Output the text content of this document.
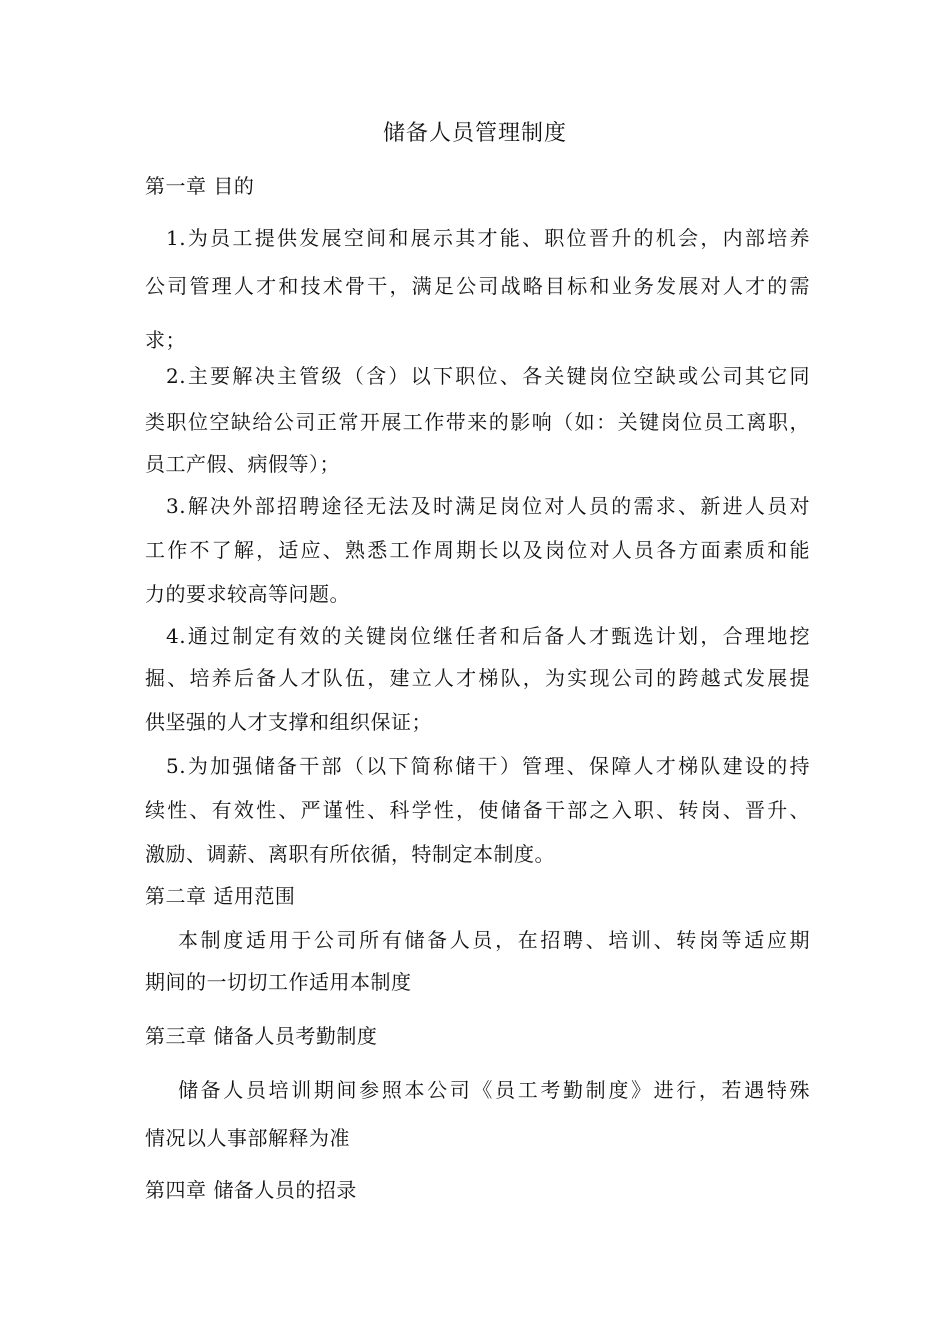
储备人员管理制度
第一章 目的
1.为员工提供发展空间和展示其才能、职位晋升的机会，内部培养
公司管理人才和技术骨干，满足公司战略目标和业务发展对人才的需
求；
2.主要解决主管级（含）以下职位、各关键岗位空缺或公司其它同
类职位空缺给公司正常开展工作带来的影响（如：关键岗位员工离职，
员工产假、病假等）；
3.解决外部招聘途径无法及时满足岗位对人员的需求、新进人员对
工作不了解，适应、熟悉工作周期长以及岗位对人员各方面素质和能
力的要求较高等问题。
4.通过制定有效的关键岗位继任者和后备人才甄选计划，合理地挖
掘、培养后备人才队伍，建立人才梯队，为实现公司的跨越式发展提
供坚强的人才支撑和组织保证；
5.为加强储备干部（以下简称储干）管理、保障人才梯队建设的持
续性、有效性、严谨性、科学性，使储备干部之入职、转岗、晋升、
激励、调薪、离职有所依循，特制定本制度。
第二章 适用范围
本制度适用于公司所有储备人员，在招聘、培训、转岗等适应期
期间的一切切工作适用本制度
第三章 储备人员考勤制度
储备人员培训期间参照本公司《员工考勤制度》进行，若遇特殊
情况以人事部解释为准
第四章 储备人员的招录
